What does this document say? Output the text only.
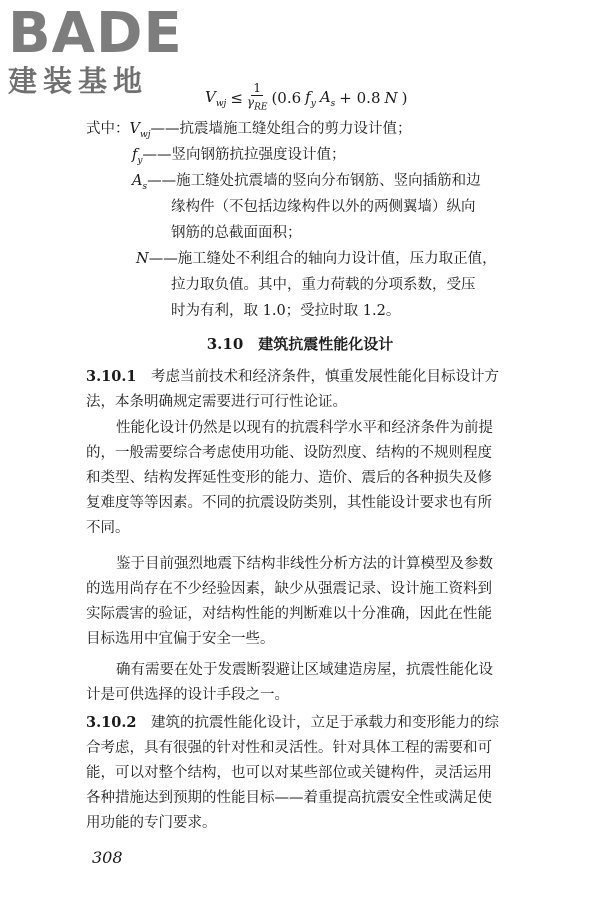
BADE
建装基地	$V_{wj} \le \frac{1}{\gamma_{RE}} (0.6$ $f_y$ $A_s + 0.8$ N )
式中：$V_{wj}——$抗震墙施工缝处组合的剪力设计值；
$f_y——$竖向钢筋抗拉强度设计值；
$A_s——$施工缝处抗震墙的竖向分布钢筋、竖向插筋和边
缘构件（不包括边缘构件以外的两侧翼墙）纵向
钢筋的总截面面积；
N——施工缝处不利组合的轴向力设计值，压力取正值，
拉力取负值。其中，重力荷载的分项系数，受压
时为有利，取 1.0；受拉时取 1.2。
3.10　建筑抗震性能化设计
3.10.1　 考虑当前技术和经济条件，慎重发展性能化目标设计方
法，本条明确规定需要进行可行性论证。
性能化设计仍然是以现有的抗震科学水平和经济条件为前提
的，一般需要综合考虑使用功能、设防烈度、结构的不规则程度
和类型、结构发挥延性变形的能力、造价、震后的各种损失及修
复难度等等因素。不同的抗震设防类别，其性能设计要求也有所
不同。
鉴于目前强烈地震下结构非线性分析方法的计算模型及参数
的选用尚存在不少经验因素，缺少从强震记录、设计施工资料到
实际震害的验证，对结构性能的判断难以十分准确，因此在性能
目标选用中宜偏于安全一些。
确有需要在处于发震断裂避让区域建造房屋，抗震性能化设
计是可供选择的设计手段之一。
3.10.2　 建筑的抗震性能化设计，立足于承载力和变形能力的综
合考虑，具有很强的针对性和灵活性。针对具体工程的需要和可
能，可以对整个结构，也可以对某些部位或关键构件，灵活运用
各种措施达到预期的性能目标——着重提高抗震安全性或满足使
用功能的专门要求。
308
